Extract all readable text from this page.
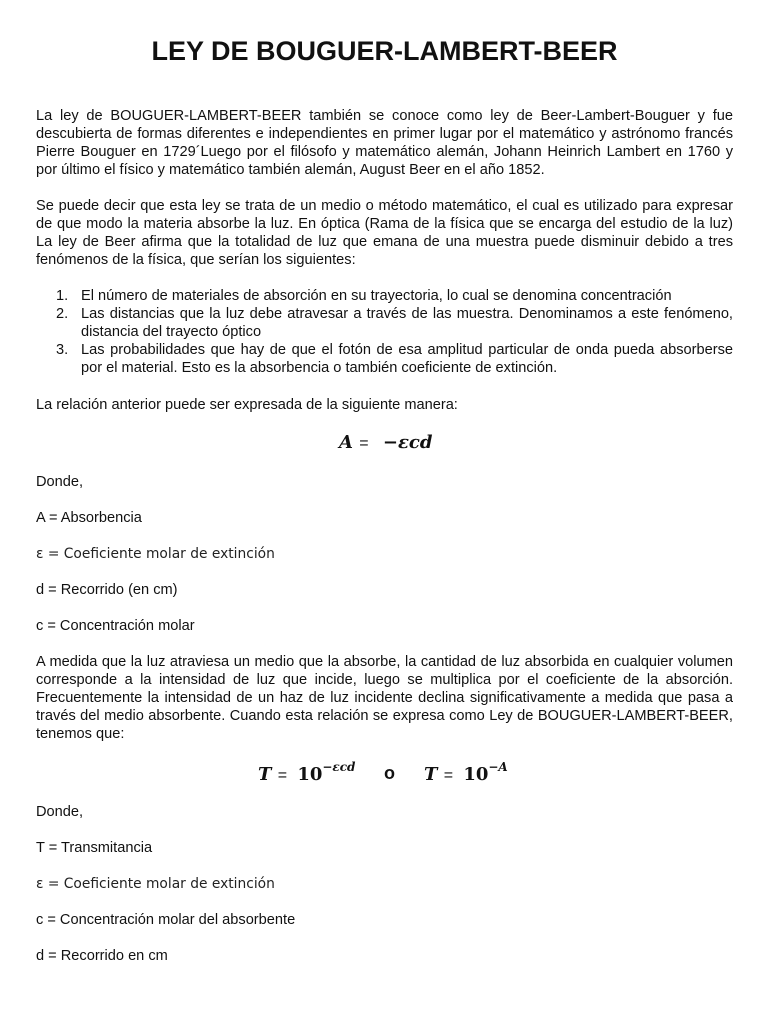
LEY DE BOUGUER-LAMBERT-BEER

La ley de BOUGUER-LAMBERT-BEER también se conoce como ley de Beer-Lambert-Bouguer y fue descubierta de formas diferentes e independientes en primer lugar por el matemático y astrónomo francés Pierre Bouguer en 1729´Luego por el filósofo y matemático alemán, Johann Heinrich Lambert en 1760 y por último el físico y matemático también alemán, August Beer en el año 1852.

Se puede decir que esta ley se trata de un medio o método matemático, el cual es utilizado para expresar de que modo la materia absorbe la luz. En óptica (Rama de la física que se encarga del estudio de la luz) La ley de Beer afirma que la totalidad de luz que emana de una muestra puede disminuir debido a tres fenómenos de la física, que serían los siguientes:

1. El número de materiales de absorción en su trayectoria, lo cual se denomina concentración
2. Las distancias que la luz debe atravesar a través de las muestra. Denominamos a este fenómeno, distancia del trayecto óptico
3. Las probabilidades que hay de que el fotón de esa amplitud particular de onda pueda absorberse por el material. Esto es la absorbencia o también coeficiente de extinción.

La relación anterior puede ser expresada de la siguiente manera:

A = −εcd

Donde,

A = Absorbencia

ε = Coeficiente molar de extinción

d = Recorrido (en cm)

c = Concentración molar

A medida que la luz atraviesa un medio que la absorbe, la cantidad de luz absorbida en cualquier volumen corresponde a la intensidad de luz que incide, luego se multiplica por el coeficiente de la absorción. Frecuentemente la intensidad de un haz de luz incidente declina significativamente a medida que pasa a través del medio absorbente. Cuando esta relación se expresa como Ley de BOUGUER-LAMBERT-BEER, tenemos que:

$T = 10^{-\varepsilon cd}$ o $T = 10^{-A}$

Donde,

T = Transmitancia

ε = Coeficiente molar de extinción

c = Concentración molar del absorbente

d = Recorrido en cm
